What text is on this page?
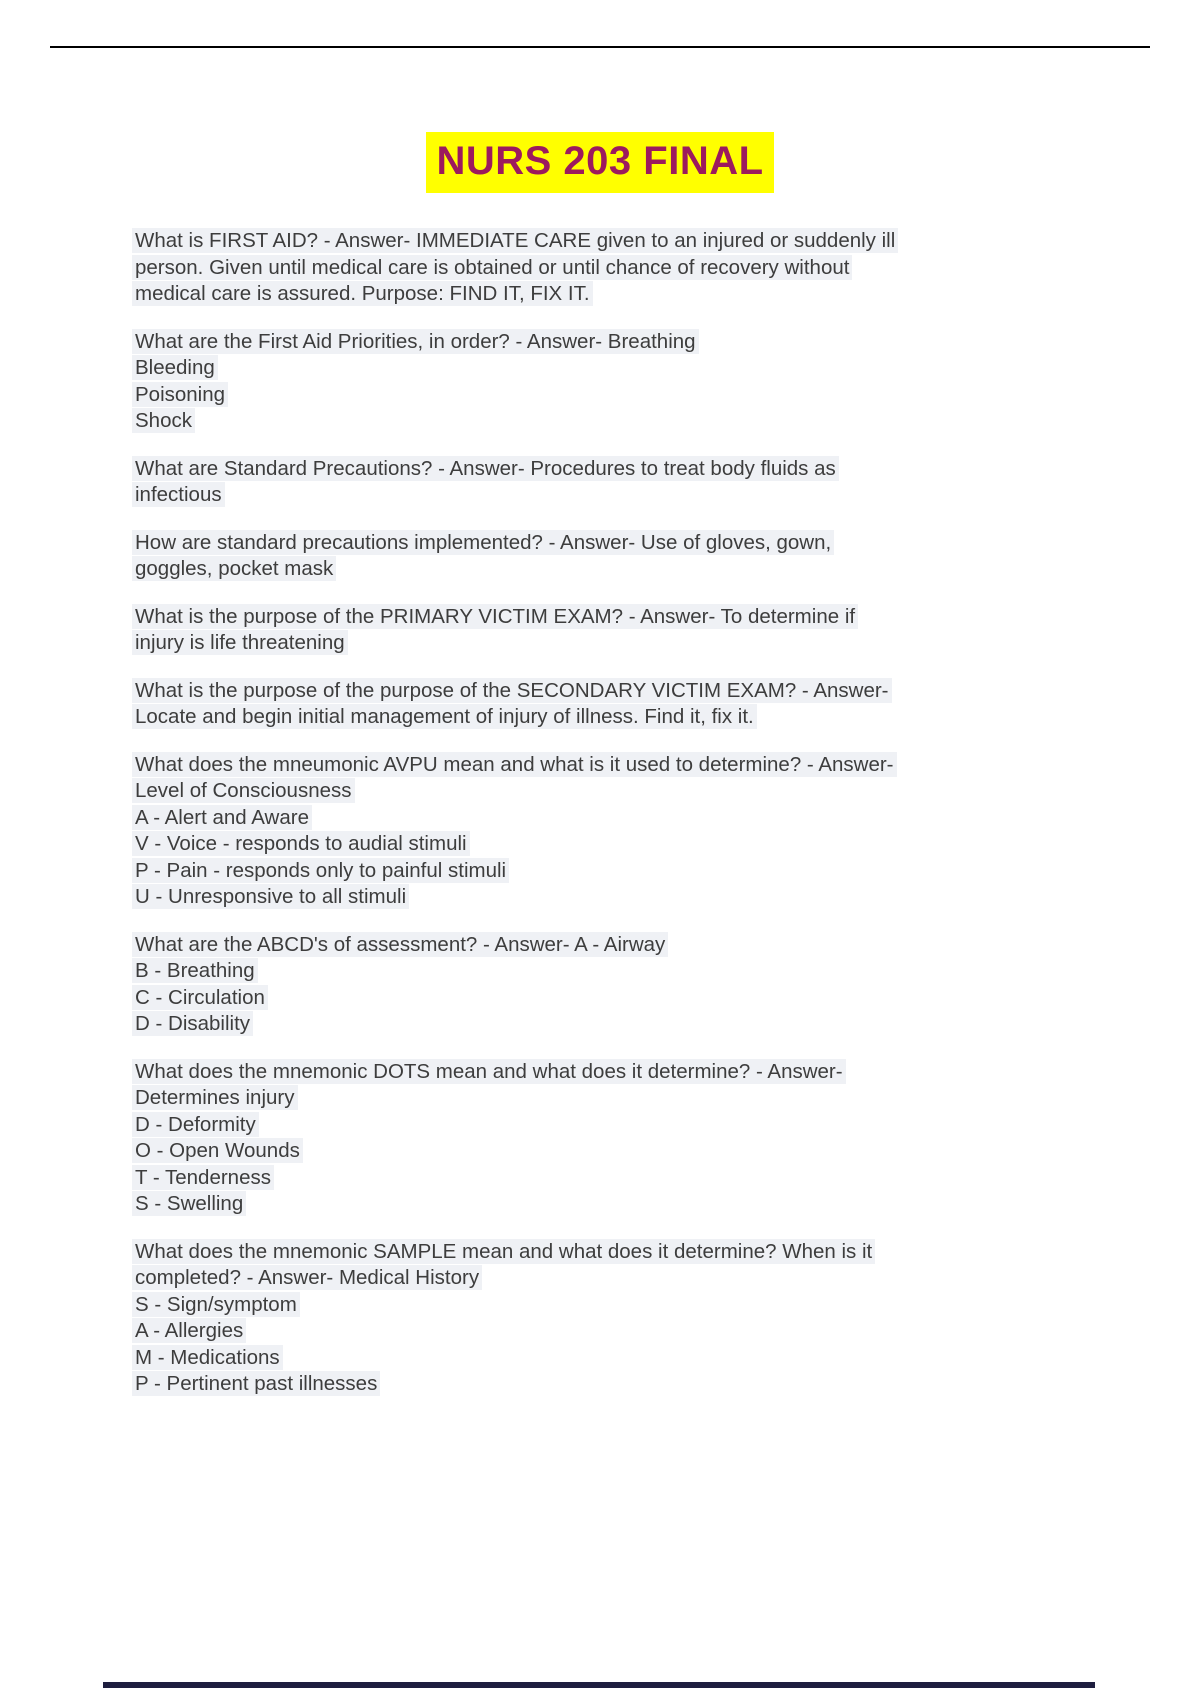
NURS 203 FINAL
What is FIRST AID? - Answer- IMMEDIATE CARE given to an injured or suddenly ill
person. Given until medical care is obtained or until chance of recovery without
medical care is assured. Purpose: FIND IT, FIX IT.
What are the First Aid Priorities, in order? - Answer- Breathing
Bleeding
Poisoning
Shock
What are Standard Precautions? - Answer- Procedures to treat body fluids as
infectious
How are standard precautions implemented? - Answer- Use of gloves, gown,
goggles, pocket mask
What is the purpose of the PRIMARY VICTIM EXAM? - Answer- To determine if
injury is life threatening
What is the purpose of the purpose of the SECONDARY VICTIM EXAM? - Answer-
Locate and begin initial management of injury of illness. Find it, fix it.
What does the mneumonic AVPU mean and what is it used to determine? - Answer-
Level of Consciousness
A - Alert and Aware
V - Voice - responds to audial stimuli
P - Pain - responds only to painful stimuli
U - Unresponsive to all stimuli
What are the ABCD's of assessment? - Answer- A - Airway
B - Breathing
C - Circulation
D - Disability
What does the mnemonic DOTS mean and what does it determine? - Answer-
Determines injury
D - Deformity
O - Open Wounds
T - Tenderness
S - Swelling
What does the mnemonic SAMPLE mean and what does it determine? When is it
completed? - Answer- Medical History
S - Sign/symptom
A - Allergies
M - Medications
P - Pertinent past illnesses
